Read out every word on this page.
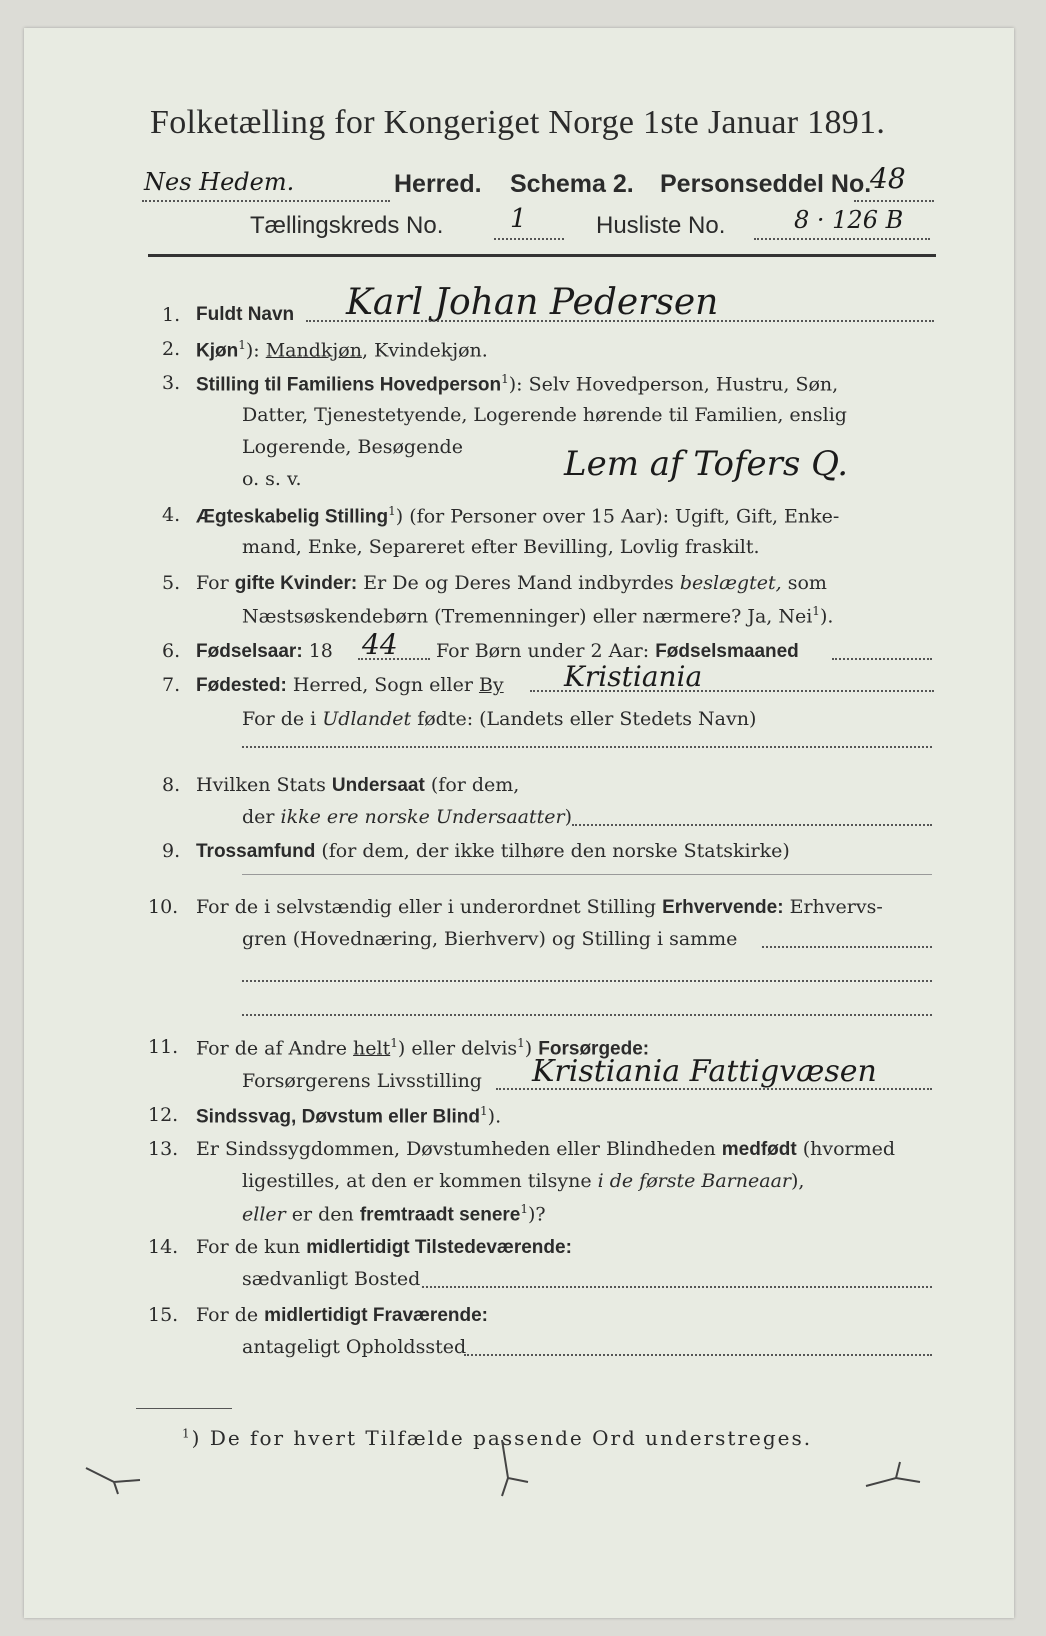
Folketælling for Kongeriget Norge 1ste Januar 1891.
Nes Hedem.	Herred. Schema 2. Personseddel No.
48
Tællingskreds No.	1	Husliste No.	8 · 126 B
1. Fuldt Navn Karl Johan Pedersen
2. Kjøn$^1$): Mandkjøn, Kvindekjøn.
3. Stilling til Familiens Hovedperson$^1$): Selv Hovedperson, Hustru, Søn,
Datter, Tjenestetyende, Logerende hørende til Familien, enslig
Logerende, Besøgende
o. s. v.	Lem af Tofers Q.
4. Ægteskabelig Stilling$^1$) (for Personer over 15 Aar): Ugift, Gift, Enke-
mand, Enke, Separeret efter Bevilling, Lovlig fraskilt.
5. For gifte Kvinder: Er De og Deres Mand indbyrdes beslægtet, som
Næstsøskendebørn (Tremenninger) eller nærmere? Ja, Nei$^1$).
6. Fødselsaar: 18 44 For Børn under 2 Aar: Fødselsmaaned
7. Fødested: Herred, Sogn eller By Kristiania
For de i Udlandet fødte: (Landets eller Stedets Navn)
8. Hvilken Stats Undersaat (for dem,
der ikke ere norske Undersaatter)
9. Trossamfund (for dem, der ikke tilhøre den norske Statskirke)
10. For de i selvstændig eller i underordnet Stilling Erhvervende: Erhvervs-
gren (Hovednæring, Bierhverv) og Stilling i samme
11. For de af Andre helt$^1$) eller delvis$^1$) Forsørgede:
Forsørgerens Livsstilling Kristiania Fattigvæsen
12. Sindssvag, Døvstum eller Blind$^1$).
13. Er Sindssygdommen, Døvstumheden eller Blindheden medfødt (hvormed
ligestilles, at den er kommen tilsyne i de første Barneaar),
eller er den fremtraadt senere$^1$)?
14. For de kun midlertidigt Tilstedeværende:
sædvanligt Bosted
15. For de midlertidigt Fraværende:
antageligt Opholdssted
$^1$) De for hvert Tilfælde passende Ord understreges.
